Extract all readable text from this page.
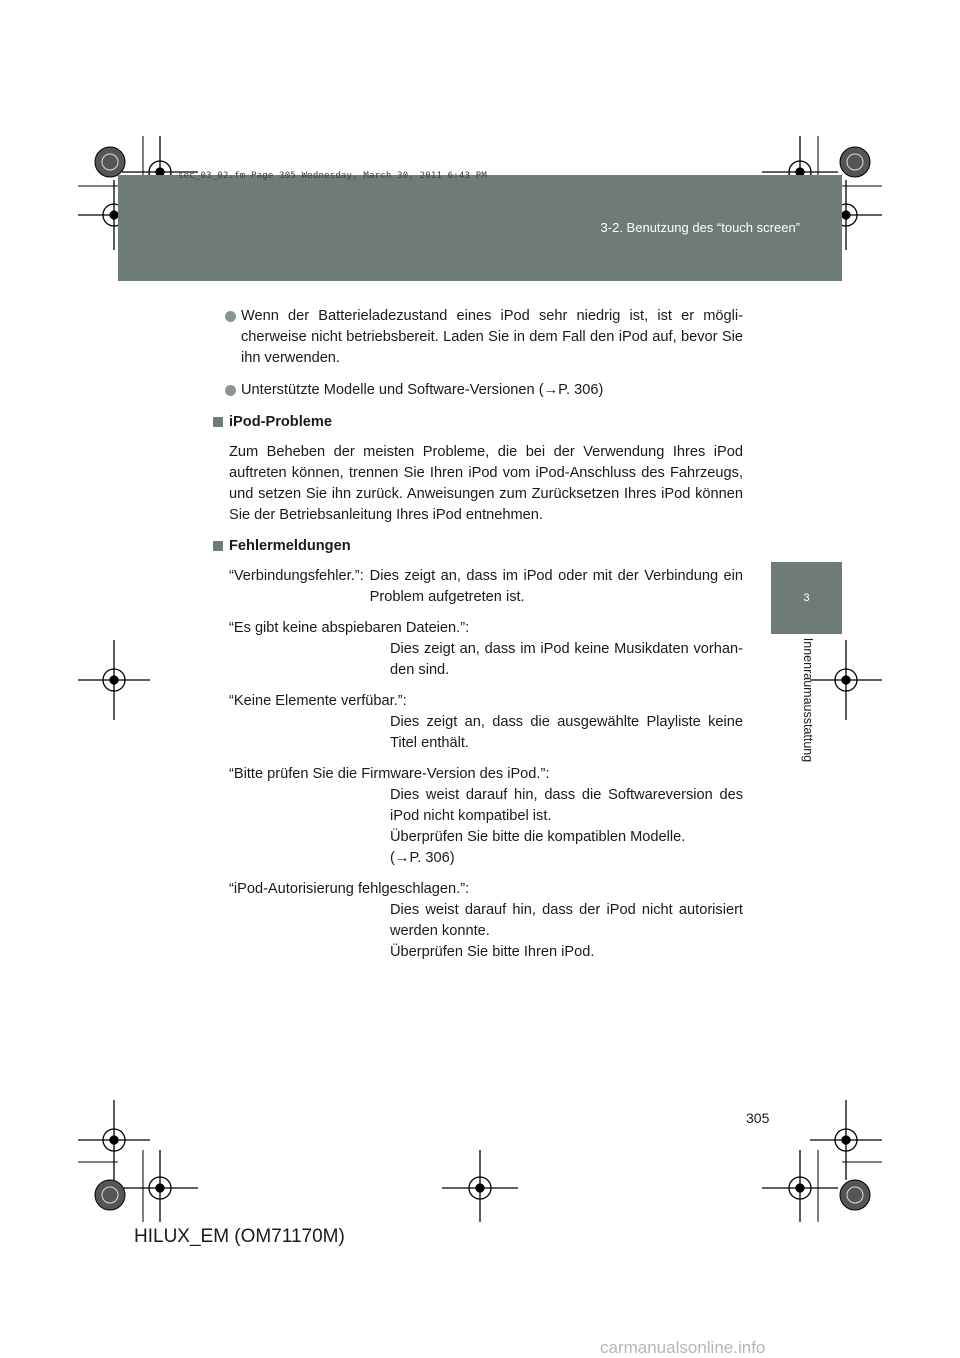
sec_03_02.fm Page 305 Wednesday, March 30, 2011 6:43 PM
3-2. Benutzung des “touch screen”
3
Innenraumausstattung
Wenn der Batterieladezustand eines iPod sehr niedrig ist, ist er möglicherweise nicht betriebsbereit. Laden Sie in dem Fall den iPod auf, bevor Sie ihn verwenden.
Unterstützte Modelle und Software-Versionen (→P. 306)
iPod-Probleme
Zum Beheben der meisten Probleme, die bei der Verwendung Ihres iPod auftreten können, trennen Sie Ihren iPod vom iPod-Anschluss des Fahrzeugs, und setzen Sie ihn zurück. Anweisungen zum Zurücksetzen Ihres iPod können Sie der Betriebsanleitung Ihres iPod entnehmen.
Fehlermeldungen
“Verbindungsfehler.”: Dies zeigt an, dass im iPod oder mit der Verbindung ein Problem aufgetreten ist.
“Es gibt keine abspiebaren Dateien.”:
Dies zeigt an, dass im iPod keine Musikdaten vorhanden sind.
“Keine Elemente verfübar.”:
Dies zeigt an, dass die ausgewählte Playliste keine Titel enthält.
“Bitte prüfen Sie die Firmware-Version des iPod.”:
Dies weist darauf hin, dass die Softwareversion des iPod nicht kompatibel ist.
Überprüfen Sie bitte die kompatiblen Modelle.
(→P. 306)
“iPod-Autorisierung fehlgeschlagen.”:
Dies weist darauf hin, dass der iPod nicht autorisiert werden konnte.
Überprüfen Sie bitte Ihren iPod.
305
HILUX_EM (OM71170M)
carmanualsonline.info
